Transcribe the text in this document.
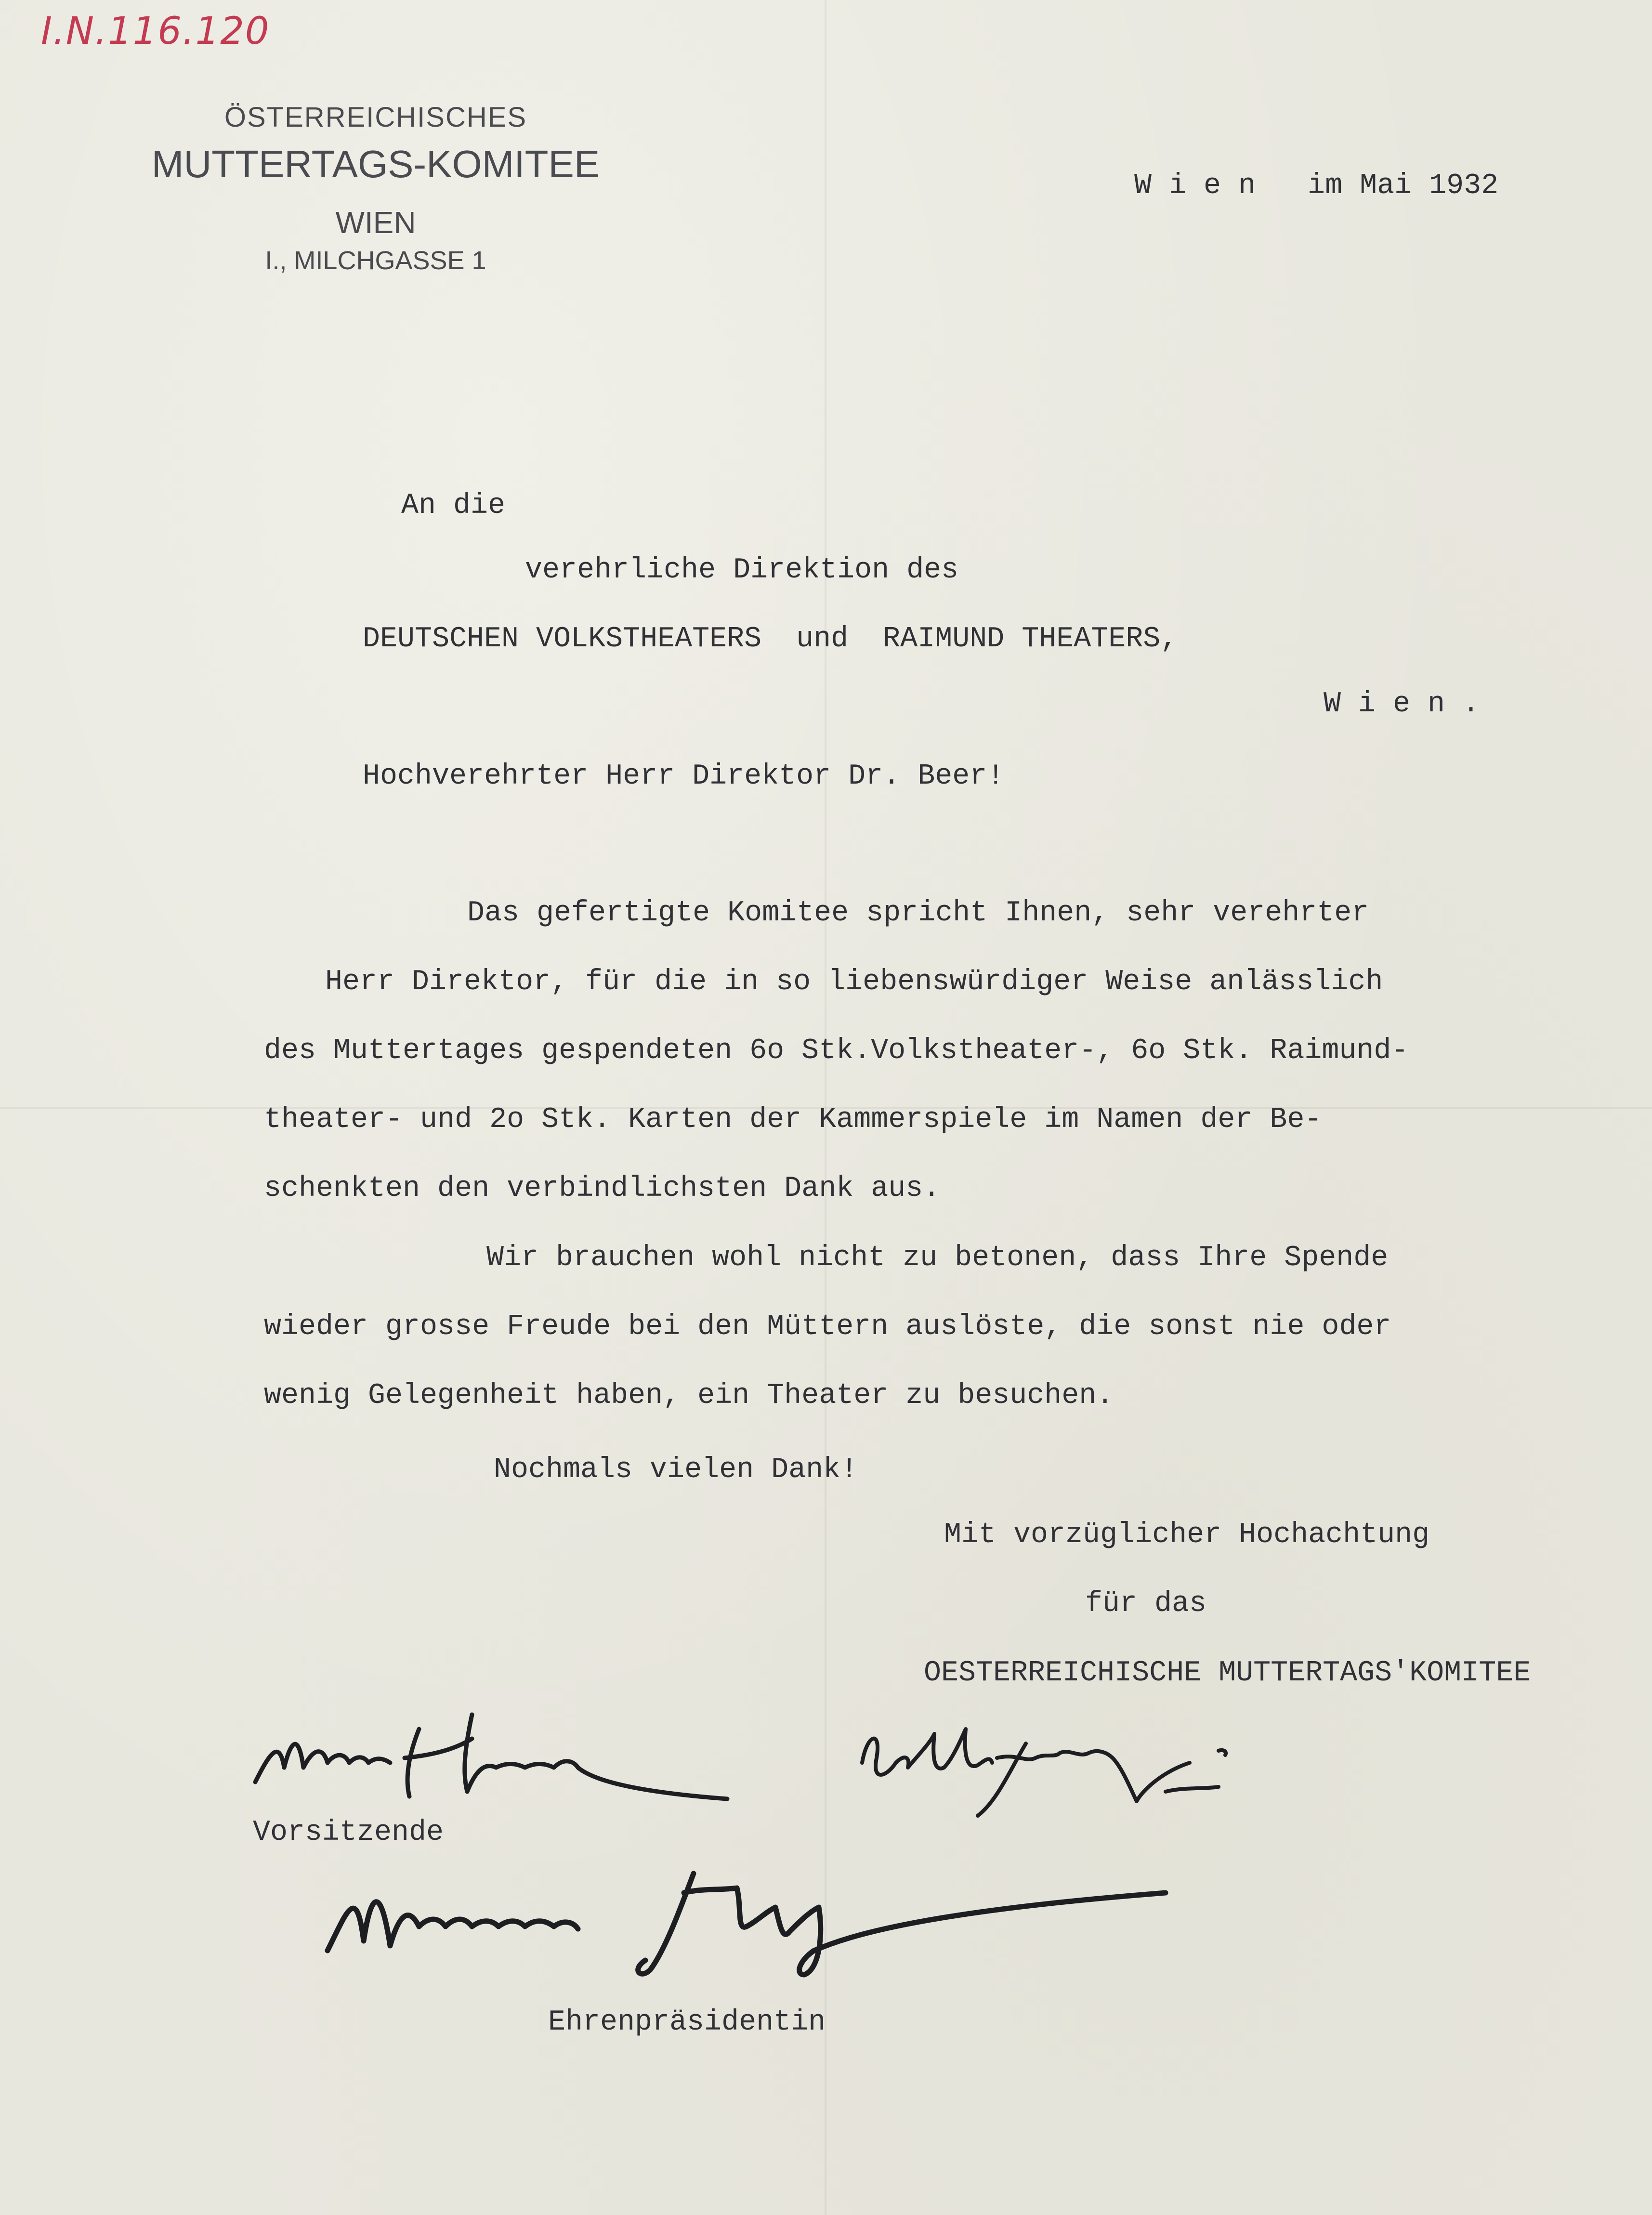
I.N.116.120
ÖSTERREICHISCHES
MUTTERTAGS-KOMITEE
WIEN
I., MILCHGASSE 1
W i e n   im Mai 1932
An die
verehrliche Direktion des
DEUTSCHEN VOLKSTHEATERS  und  RAIMUND THEATERS,
W i e n .
Hochverehrter Herr Direktor Dr. Beer!
Das gefertigte Komitee spricht Ihnen, sehr verehrter
Herr Direktor, für die in so liebenswürdiger Weise anlässlich
des Muttertages gespendeten 6o Stk.Volkstheater-, 6o Stk. Raimund-
theater- und 2o Stk. Karten der Kammerspiele im Namen der Be-
schenkten den verbindlichsten Dank aus.
Wir brauchen wohl nicht zu betonen, dass Ihre Spende
wieder grosse Freude bei den Müttern auslöste, die sonst nie oder
wenig Gelegenheit haben, ein Theater zu besuchen.
Nochmals vielen Dank!
Mit vorzüglicher Hochachtung
für das
OESTERREICHISCHE MUTTERTAGS'KOMITEE
Vorsitzende
Ehrenpräsidentin
